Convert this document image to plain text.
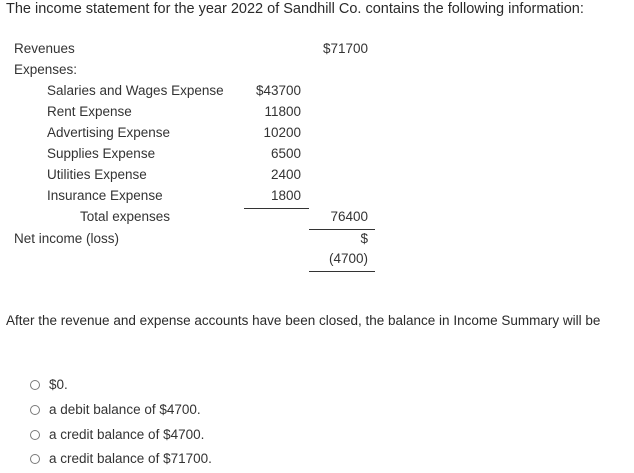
The income statement for the year 2022 of Sandhill Co. contains the following information:
Revenues	$71700
Expenses:
Salaries and Wages Expense $43700
Rent Expense	11800
Advertising Expense	10200
Supplies Expense	6500
Utilities Expense	2400
Insurance Expense	1800
Total expenses	76400
Net income (loss)	$
(4700)
After the revenue and expense accounts have been closed, the balance in Income Summary will be
$0.
a debit balance of $4700.
a credit balance of $4700.
a credit balance of $71700.
